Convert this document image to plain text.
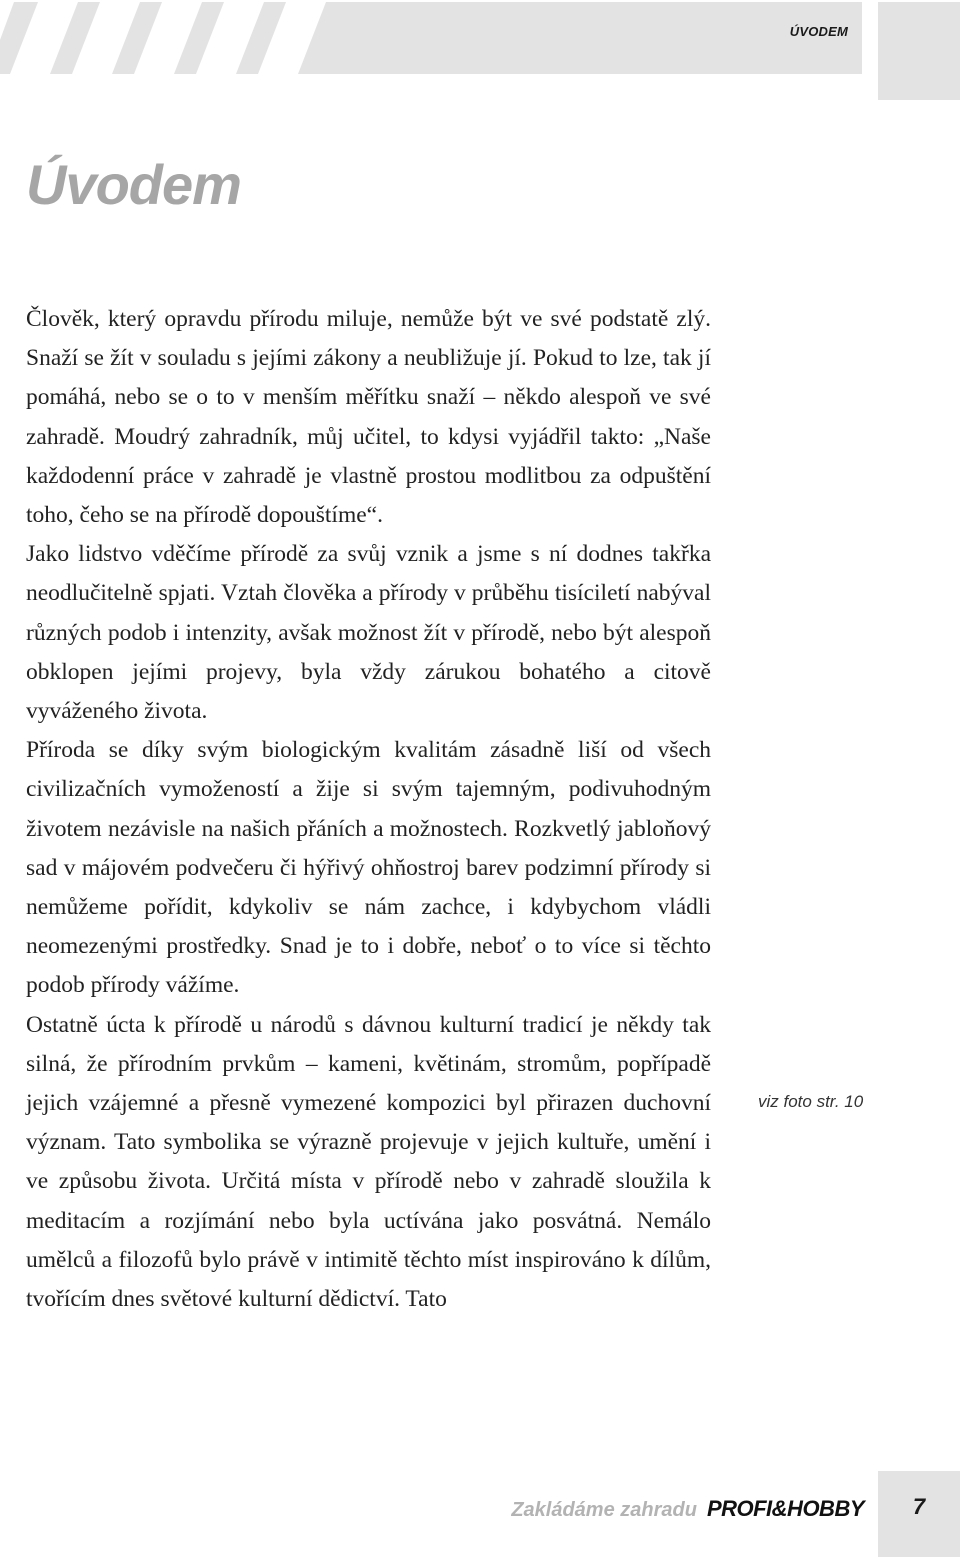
ÚVODEM
Úvodem

Člověk, který opravdu přírodu miluje, nemůže být ve své podstatě zlý. Snaží se žít v souladu s jejími zákony a neubližuje jí. Pokud to lze, tak jí pomáhá, nebo se o to v menším měřítku snaží – někdo alespoň ve své zahradě. Moudrý zahradník, můj učitel, to kdysi vyjádřil takto: „Naše každodenní práce v zahradě je vlastně prostou modlitbou za odpuštění toho, čeho se na přírodě dopouštíme“.

Jako lidstvo vděčíme přírodě za svůj vznik a jsme s ní dodnes takřka neodlučitelně spjati. Vztah člověka a přírody v průběhu tisíciletí nabýval různých podob i intenzity, avšak možnost žít v přírodě, nebo být alespoň obklopen jejími projevy, byla vždy zárukou bohatého a citově vyváženého života.

Příroda se díky svým biologickým kvalitám zásadně liší od všech civilizačních vymožeností a žije si svým tajemným, podivuhodným životem nezávisle na našich přáních a možnostech. Rozkvetlý jabloňový sad v májovém podvečeru či hýřivý ohňostroj barev podzimní přírody si nemůžeme pořídit, kdykoliv se nám zachce, i kdybychom vládli neomezenými prostředky. Snad je to i dobře, neboť o to více si těchto podob přírody vážíme.

Ostatně úcta k přírodě u národů s dávnou kulturní tradicí je někdy tak silná, že přírodním prvkům – kameni, květinám, stromům, popřípadě jejich vzájemné a přesně vymezené kompozici byl přirazen duchovní význam. Tato symbolika se výrazně projevuje v jejich kultuře, umění i ve způsobu života. Určitá místa v přírodě nebo v zahradě sloužila k meditacím a rozjímání nebo byla uctívána jako posvátná. Nemálo umělců a filozofů bylo právě v intimitě těchto míst inspirováno k dílům, tvořícím dnes světové kulturní dědictví. Tato

viz foto str. 10
Zakládáme zahradu PROFI&HOBBY	7
